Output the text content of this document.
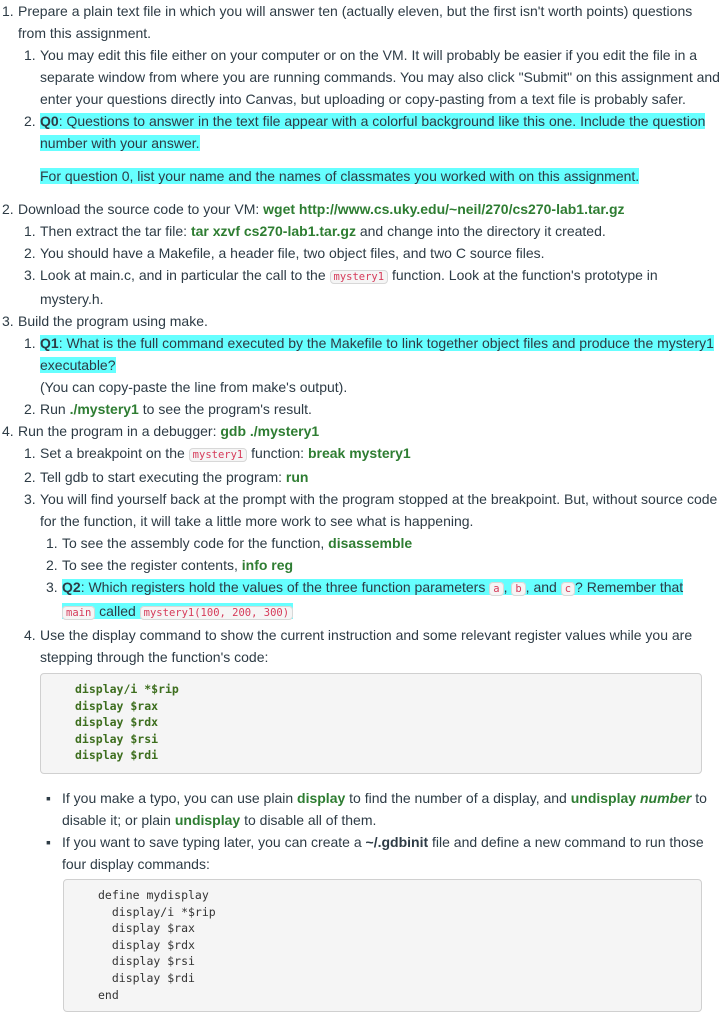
1. Prepare a plain text file in which you will answer ten (actually eleven, but the first isn't worth points) questions from this assignment.
1. You may edit this file either on your computer or on the VM. It will probably be easier if you edit the file in a separate window from where you are running commands. You may also click "Submit" on this assignment and enter your questions directly into Canvas, but uploading or copy-pasting from a text file is probably safer.
2. Q0: Questions to answer in the text file appear with a colorful background like this one. Include the question number with your answer.
For question 0, list your name and the names of classmates you worked with on this assignment.
2. Download the source code to your VM: wget http://www.cs.uky.edu/~neil/270/cs270-lab1.tar.gz
1. Then extract the tar file: tar xzvf cs270-lab1.tar.gz and change into the directory it created.
2. You should have a Makefile, a header file, two object files, and two C source files.
3. Look at main.c, and in particular the call to the mystery1 function. Look at the function's prototype in mystery.h.
3. Build the program using make.
1. Q1: What is the full command executed by the Makefile to link together object files and produce the mystery1 executable?
(You can copy-paste the line from make's output).
2. Run ./mystery1 to see the program's result.
4. Run the program in a debugger: gdb ./mystery1
1. Set a breakpoint on the mystery1 function: break mystery1
2. Tell gdb to start executing the program: run
3. You will find yourself back at the prompt with the program stopped at the breakpoint. But, without source code for the function, it will take a little more work to see what is happening.
1. To see the assembly code for the function, disassemble
2. To see the register contents, info reg
3. Q2: Which registers hold the values of the three function parameters a , b , and c ? Remember that main called mystery1(100, 200, 300)
4. Use the display command to show the current instruction and some relevant register values while you are stepping through the function's code:
display/i *$rip
display $rax
display $rdx
display $rsi
display $rdi
▪ If you make a typo, you can use plain display to find the number of a display, and undisplay number to disable it; or plain undisplay to disable all of them.
▪ If you want to save typing later, you can create a ~/.gdbinit file and define a new command to run those four display commands:
define mydisplay
display/i *$rip
display $rax
display $rdx
display $rsi
display $rdi
end
